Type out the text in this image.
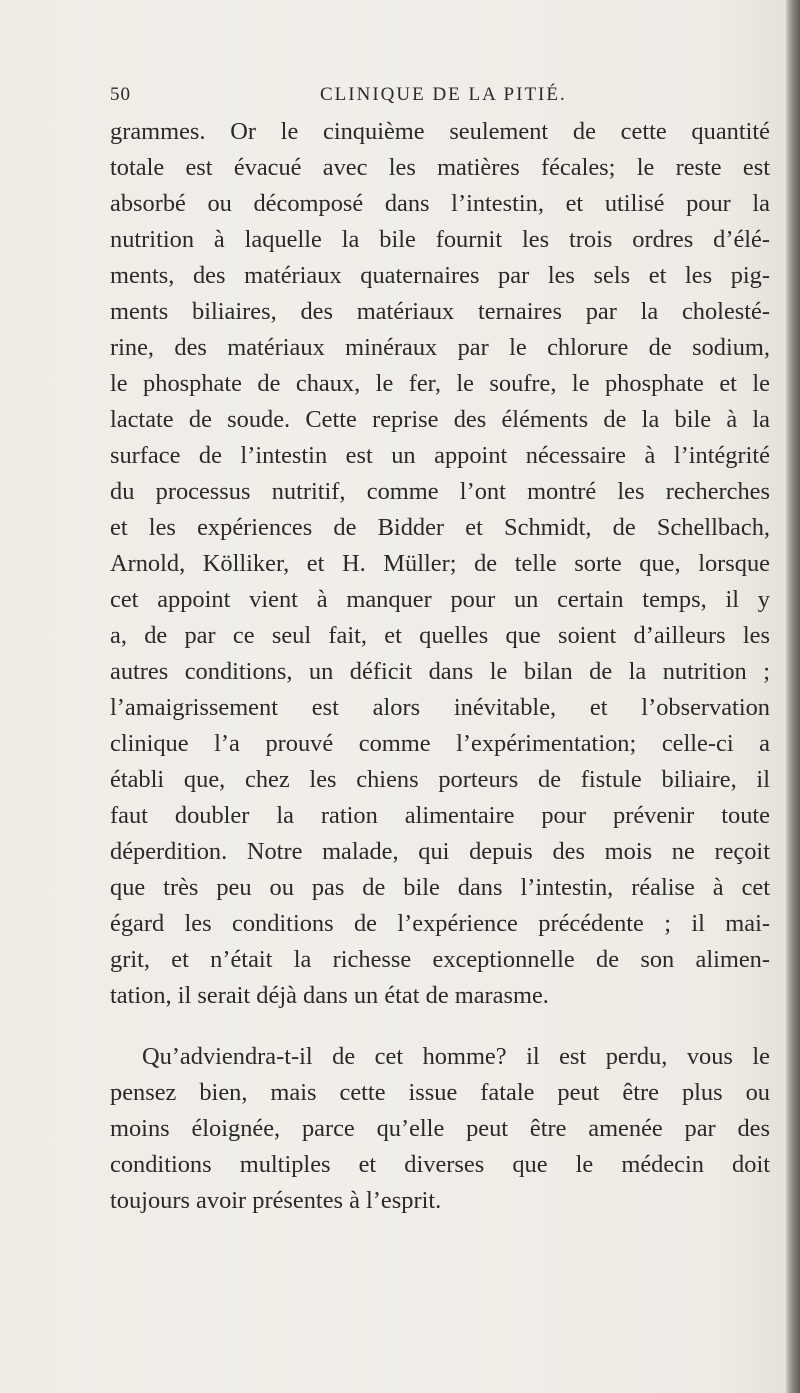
50	CLINIQUE DE LA PITIÉ.
grammes. Or le cinquième seulement de cette quantité
totale est évacué avec les matières fécales; le reste est
absorbé ou décomposé dans l’intestin, et utilisé pour la
nutrition à laquelle la bile fournit les trois ordres d’élé-
ments, des matériaux quaternaires par les sels et les pig-
ments biliaires, des matériaux ternaires par la cholesté-
rine, des matériaux minéraux par le chlorure de sodium,
le phosphate de chaux, le fer, le soufre, le phosphate et le
lactate de soude. Cette reprise des éléments de la bile à la
surface de l’intestin est un appoint nécessaire à l’intégrité
du processus nutritif, comme l’ont montré les recherches
et les expériences de Bidder et Schmidt, de Schellbach,
Arnold, Kölliker, et H. Müller; de telle sorte que, lorsque
cet appoint vient à manquer pour un certain temps, il y
a, de par ce seul fait, et quelles que soient d’ailleurs les
autres conditions, un déficit dans le bilan de la nutrition ;
l’amaigrissement est alors inévitable, et l’observation
clinique l’a prouvé comme l’expérimentation; celle-ci a
établi que, chez les chiens porteurs de fistule biliaire, il
faut doubler la ration alimentaire pour prévenir toute
déperdition. Notre malade, qui depuis des mois ne reçoit
que très peu ou pas de bile dans l’intestin, réalise à cet
égard les conditions de l’expérience précédente ; il mai-
grit, et n’était la richesse exceptionnelle de son alimen-
tation, il serait déjà dans un état de marasme.
Qu’adviendra-t-il de cet homme? il est perdu, vous le
pensez bien, mais cette issue fatale peut être plus ou
moins éloignée, parce qu’elle peut être amenée par des
conditions multiples et diverses que le médecin doit
toujours avoir présentes à l’esprit.
